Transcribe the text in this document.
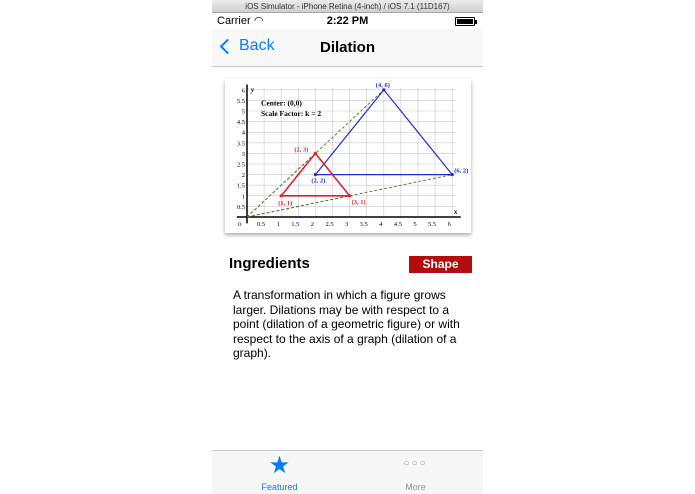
iOS Simulator - iPhone Retina (4-inch) / iOS 7.1 (11D167)
Carrier ◠	2:22 PM
Back	Dilation
x
y
o
6
5.5
5
4.5
4
3.5
3
2.5
2
1.5
1
0.5
0.5 1 1.5 2 2.5 3 3.5 4 4.5 5 5.5 6
(4, 6)
(2, 2)
(6, 2)
(2, 3)
(1, 1)	(3, 1)
Center: (0,0)
Scale Factor: k = 2
Ingredients	Shape
A transformation in which a figure grows larger. Dilations may be with respect to a point (dilation of a geometric figure) or with respect to the axis of a graph (dilation of a graph).
★
Featured
○○○
More
